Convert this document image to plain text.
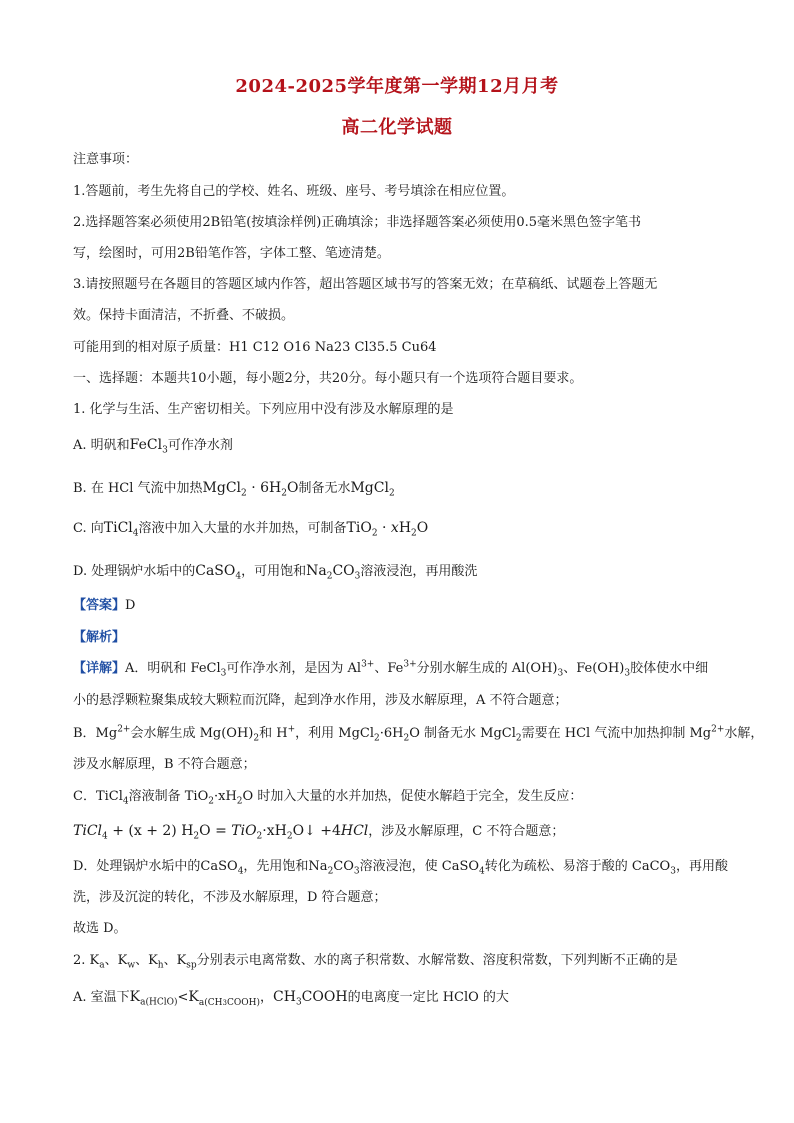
2024-2025学年度第一学期12月月考
高二化学试题
注意事项：
1.答题前，考生先将自己的学校、姓名、班级、座号、考号填涂在相应位置。
2.选择题答案必须使用2B铅笔(按填涂样例)正确填涂；非选择题答案必须使用0.5毫米黑色签字笔书
写，绘图时，可用2B铅笔作答，字体工整、笔迹清楚。
3.请按照题号在各题目的答题区域内作答，超出答题区域书写的答案无效；在草稿纸、试题卷上答题无
效。保持卡面清洁，不折叠、不破损。
可能用到的相对原子质量：H1 C12 O16 Na23 Cl35.5 Cu64
一、选择题：本题共10小题，每小题2分，共20分。每小题只有一个选项符合题目要求。
1. 化学与生活、生产密切相关。下列应用中没有涉及水解原理的是
A. 明矾和FeCl$_3$可作净水剂
B. 在 HCl 气流中加热MgCl$_2$ · $6H_2O$制备无水MgCl$_2$
C. 向TiCl$_4$溶液中加入大量的水并加热，可制备$TiO_2 \cdot xH_2O$
D. 处理锅炉水垢中的CaSO$_4$，可用饱和$Na_2CO_3$溶液浸泡，再用酸洗
【答案】D
【解析】
【详解】A．明矾和 FeCl$_3$可作净水剂，是因为 $Al^{3+}$、$Fe^{3+}$分别水解生成的 $Al(OH)_3$、$Fe(OH)_3$胶体使水中细
小的悬浮颗粒聚集成较大颗粒而沉降，起到净水作用，涉及水解原理，A 不符合题意；
B．$Mg^{2+}$会水解生成 $Mg(OH)_2$和 H+，利用 $MgCl_2\cdot 6H_2O$ 制备无水 MgCl$_2$需要在 HCl 气流中加热抑制 $Mg^{2+}$水解，
涉及水解原理，B 不符合题意；
C．TiCl$_4$溶液制备 $TiO_2\cdot xH_2O$ 时加入大量的水并加热，促使水解趋于完全，发生反应：
TiCl$_4$ + (x + 2) $H_2O$ = $TiO_2\cdot xH_2O↓ +4HCl$，涉及水解原理，C 不符合题意；
D．处理锅炉水垢中的CaSO$_4$，先用饱和$Na_2CO_3$溶液浸泡，使 CaSO$_4$转化为疏松、易溶于酸的 CaCO$_3$，再用酸
洗，涉及沉淀的转化，不涉及水解原理，D 符合题意；
故选 D。
2. $K_a$、$K_w$、$K_h$、$K_{sp}$分别表示电离常数、水的离子积常数、水解常数、溶度积常数，下列判断不正确的是
A. 室温下$K_{a(HClO)}<K_{a(CH3COOH)}$，$CH_3COOH$的电离度一定比 HClO 的大
